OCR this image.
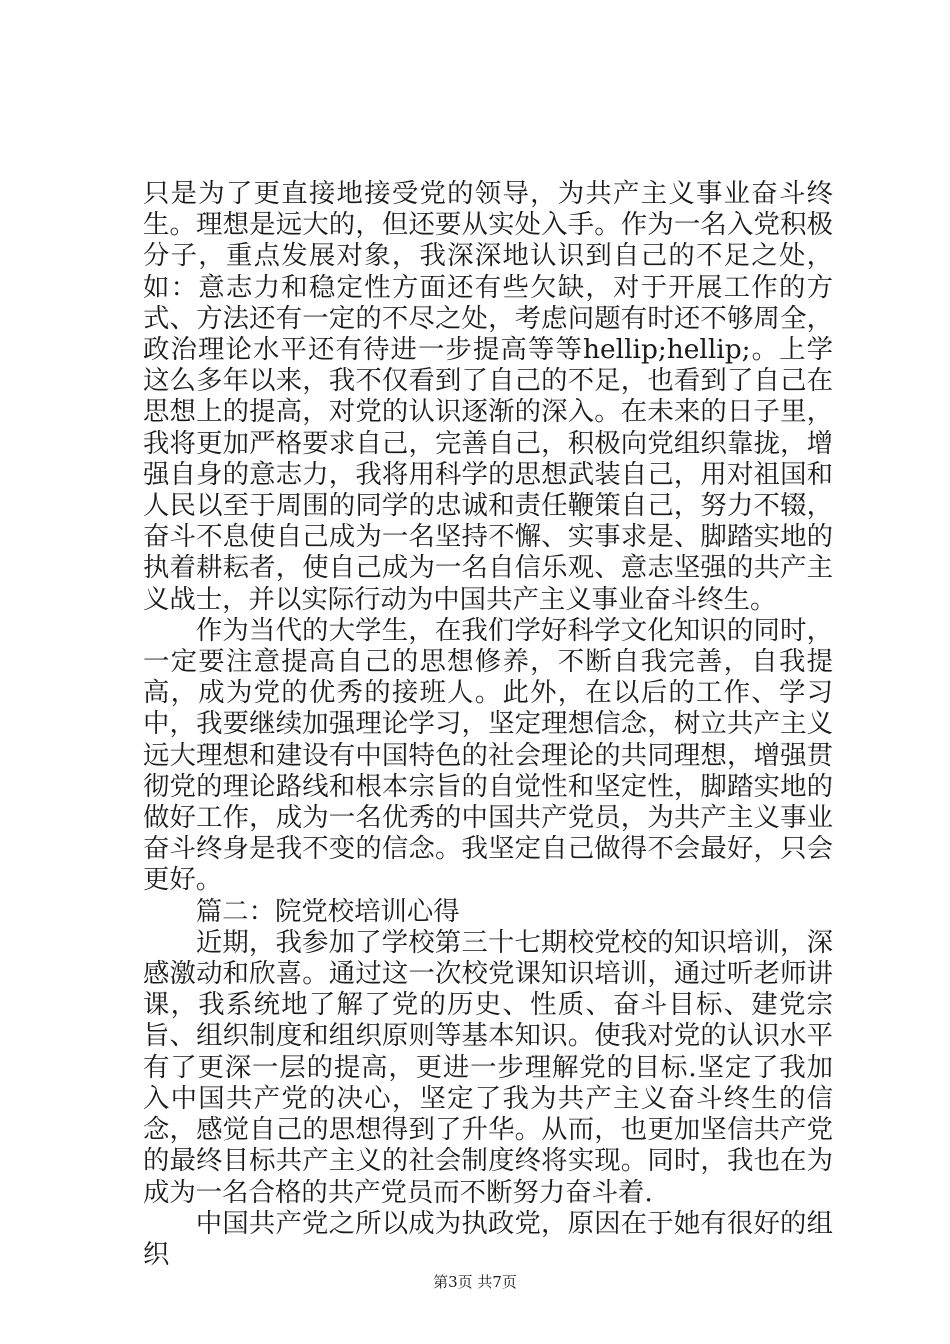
只是为了更直接地接受党的领导，为共产主义事业奋斗终生。理想是远大的，但还要从实处入手。作为一名入党积极分子，重点发展对象，我深深地认识到自己的不足之处，如：意志力和稳定性方面还有些欠缺，对于开展工作的方式、方法还有一定的不尽之处，考虑问题有时还不够周全，政治理论水平还有待进一步提高等等hellip;hellip;。上学这么多年以来，我不仅看到了自己的不足，也看到了自己在思想上的提高，对党的认识逐渐的深入。在未来的日子里，我将更加严格要求自己，完善自己，积极向党组织靠拢，增强自身的意志力，我将用科学的思想武装自己，用对祖国和人民以至于周围的同学的忠诚和责任鞭策自己，努力不辍，奋斗不息使自己成为一名坚持不懈、实事求是、脚踏实地的执着耕耘者，使自己成为一名自信乐观、意志坚强的共产主义战士，并以实际行动为中国共产主义事业奋斗终生。

作为当代的大学生，在我们学好科学文化知识的同时，一定要注意提高自己的思想修养，不断自我完善，自我提高，成为党的优秀的接班人。此外，在以后的工作、学习中，我要继续加强理论学习，坚定理想信念，树立共产主义远大理想和建设有中国特色的社会理论的共同理想，增强贯彻党的理论路线和根本宗旨的自觉性和坚定性，脚踏实地的做好工作，成为一名优秀的中国共产党员，为共产主义事业奋斗终身是我不变的信念。我坚定自己做得不会最好，只会更好。

篇二：院党校培训心得

近期，我参加了学校第三十七期校党校的知识培训，深感激动和欣喜。通过这一次校党课知识培训，通过听老师讲课，我系统地了解了党的历史、性质、奋斗目标、建党宗旨、组织制度和组织原则等基本知识。使我对党的认识水平有了更深一层的提高，更进一步理解党的目标.坚定了我加入中国共产党的决心，坚定了我为共产主义奋斗终生的信念，感觉自己的思想得到了升华。从而，也更加坚信共产党的最终目标共产主义的社会制度终将实现。同时，我也在为成为一名合格的共产党员而不断努力奋斗着.

中国共产党之所以成为执政党，原因在于她有很好的组织

第3页 共7页
